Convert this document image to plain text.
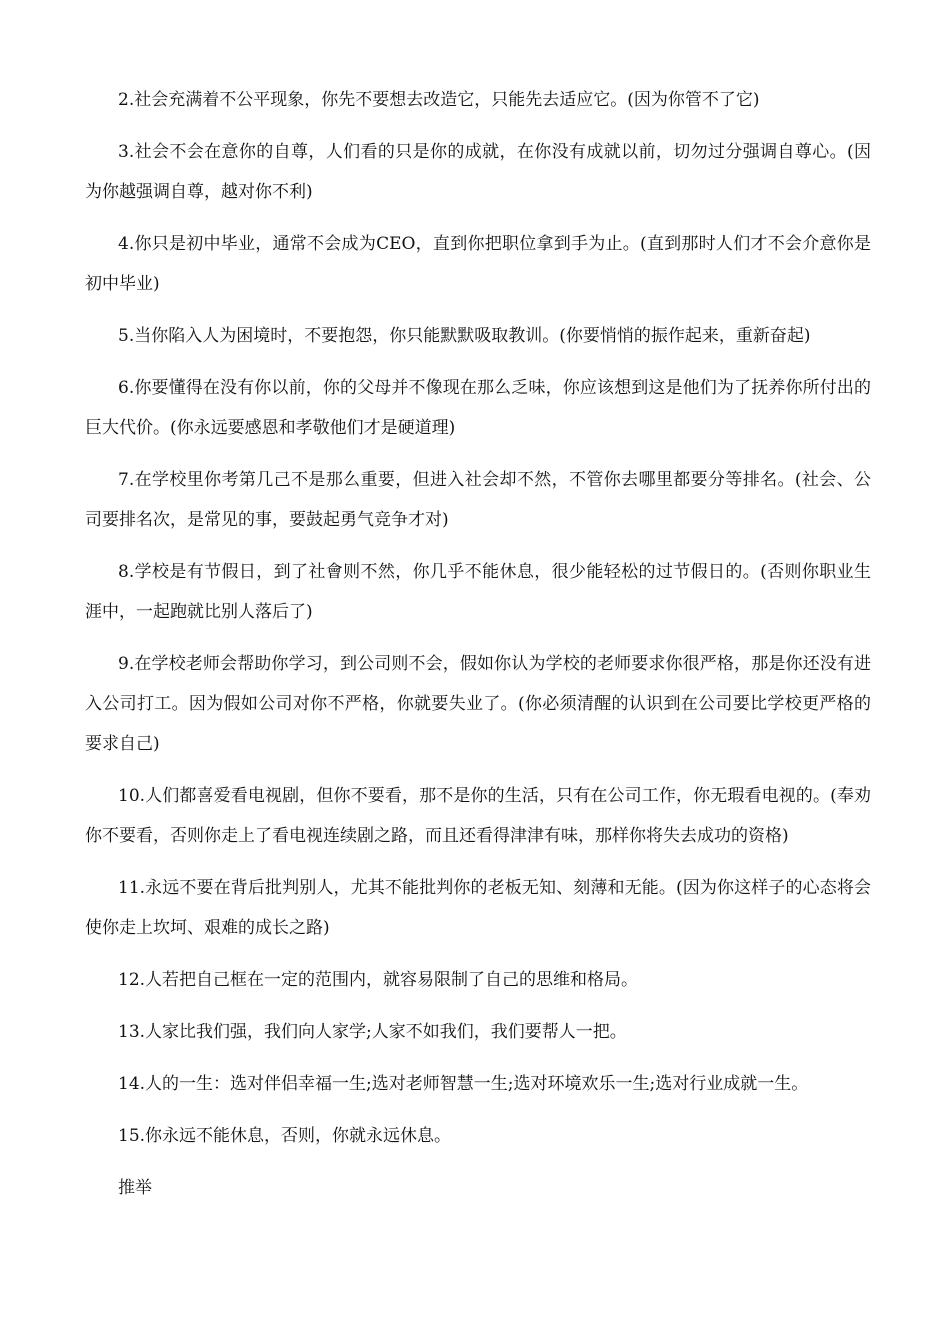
2.社会充满着不公平现象，你先不要想去改造它，只能先去适应它。(因为你管不了它)

3.社会不会在意你的自尊，人们看的只是你的成就，在你没有成就以前，切勿过分强调自尊心。(因为你越强调自尊，越对你不利)

4.你只是初中毕业，通常不会成为CEO，直到你把职位拿到手为止。(直到那时人们才不会介意你是初中毕业)

5.当你陷入人为困境时，不要抱怨，你只能默默吸取教训。(你要悄悄的振作起来，重新奋起)

6.你要懂得在没有你以前，你的父母并不像现在那么乏味，你应该想到这是他们为了抚养你所付出的巨大代价。(你永远要感恩和孝敬他们才是硬道理)

7.在学校里你考第几己不是那么重要，但进入社会却不然，不管你去哪里都要分等排名。(社会、公司要排名次，是常见的事，要鼓起勇气竞争才对)

8.学校是有节假日，到了社會则不然，你几乎不能休息，很少能轻松的过节假日的。(否则你职业生涯中，一起跑就比别人落后了)

9.在学校老师会帮助你学习，到公司则不会，假如你认为学校的老师要求你很严格，那是你还没有进入公司打工。因为假如公司对你不严格，你就要失业了。(你必须清醒的认识到在公司要比学校更严格的要求自己)

10.人们都喜爱看电视剧，但你不要看，那不是你的生活，只有在公司工作，你无瑕看电视的。(奉劝你不要看，否则你走上了看电视连续剧之路，而且还看得津津有味，那样你将失去成功的资格)

11.永远不要在背后批判别人，尤其不能批判你的老板无知、刻薄和无能。(因为你这样子的心态将会使你走上坎坷、艰难的成长之路)

12.人若把自己框在一定的范围内，就容易限制了自己的思维和格局。

13.人家比我们强，我们向人家学;人家不如我们，我们要帮人一把。

14.人的一生：选对伴侣幸福一生;选对老师智慧一生;选对环境欢乐一生;选对行业成就一生。

15.你永远不能休息，否则，你就永远休息。

推举
